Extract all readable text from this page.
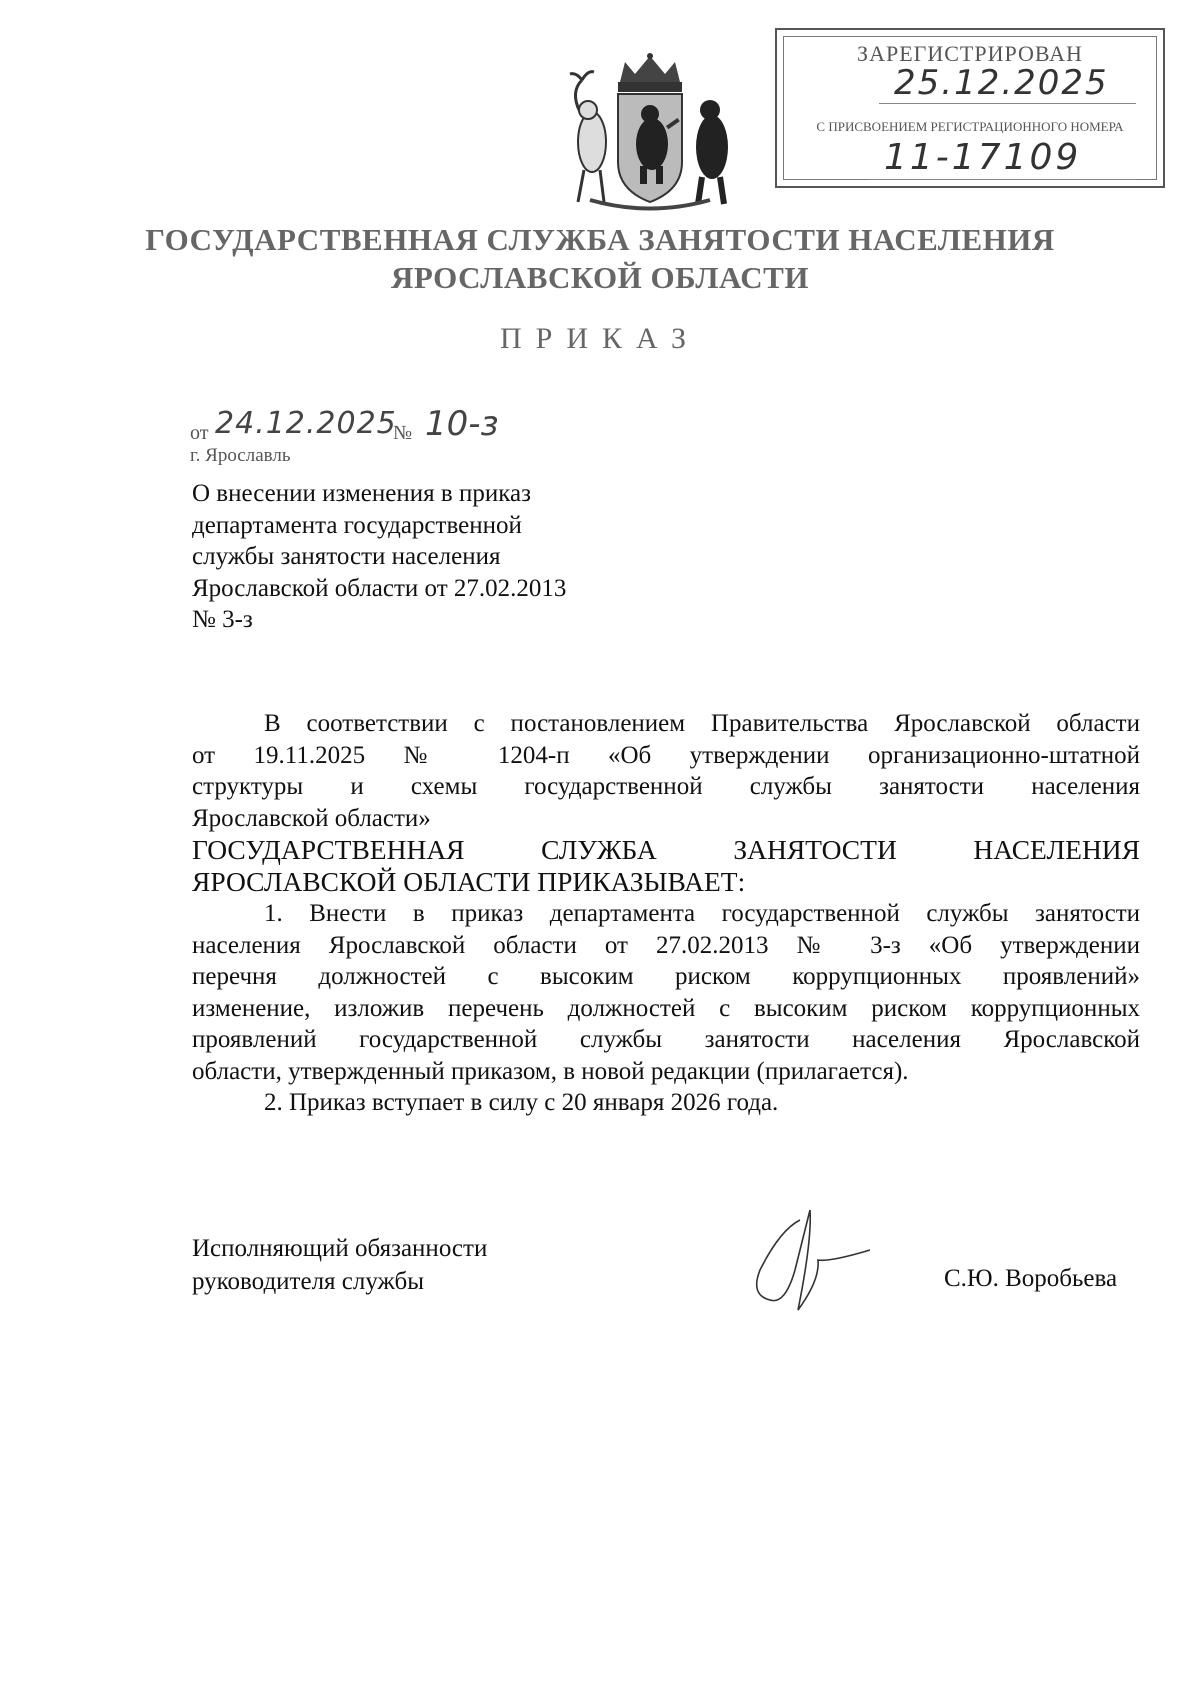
ЗАРЕГИСТРИРОВАН
25.12.2025
С ПРИСВОЕНИЕМ РЕГИСТРАЦИОННОГО НОМЕРА
11-17109
ГОСУДАРСТВЕННАЯ СЛУЖБА ЗАНЯТОСТИ НАСЕЛЕНИЯ
ЯРОСЛАВСКОЙ ОБЛАСТИ
ПРИКАЗ
от 24.12.2025
№ 10-з
г. Ярославль
О внесении изменения в приказ
департамента государственной
службы занятости населения
Ярославской области от 27.02.2013
№ 3-з
В соответствии с постановлением Правительства Ярославской области
от 19.11.2025 № 1204-п «Об утверждении организационно-штатной
структуры и схемы государственной службы занятости населения
Ярославской области»
ГОСУДАРСТВЕННАЯ СЛУЖБА ЗАНЯТОСТИ НАСЕЛЕНИЯ
ЯРОСЛАВСКОЙ ОБЛАСТИ ПРИКАЗЫВАЕТ:
1. Внести в приказ департамента государственной службы занятости
населения Ярославской области от 27.02.2013 № 3-з «Об утверждении
перечня должностей с высоким риском коррупционных проявлений»
изменение, изложив перечень должностей с высоким риском коррупционных
проявлений государственной службы занятости населения Ярославской
области, утвержденный приказом, в новой редакции (прилагается).
2. Приказ вступает в силу с 20 января 2026 года.
Исполняющий обязанности
руководителя службы	С.Ю. Воробьева
